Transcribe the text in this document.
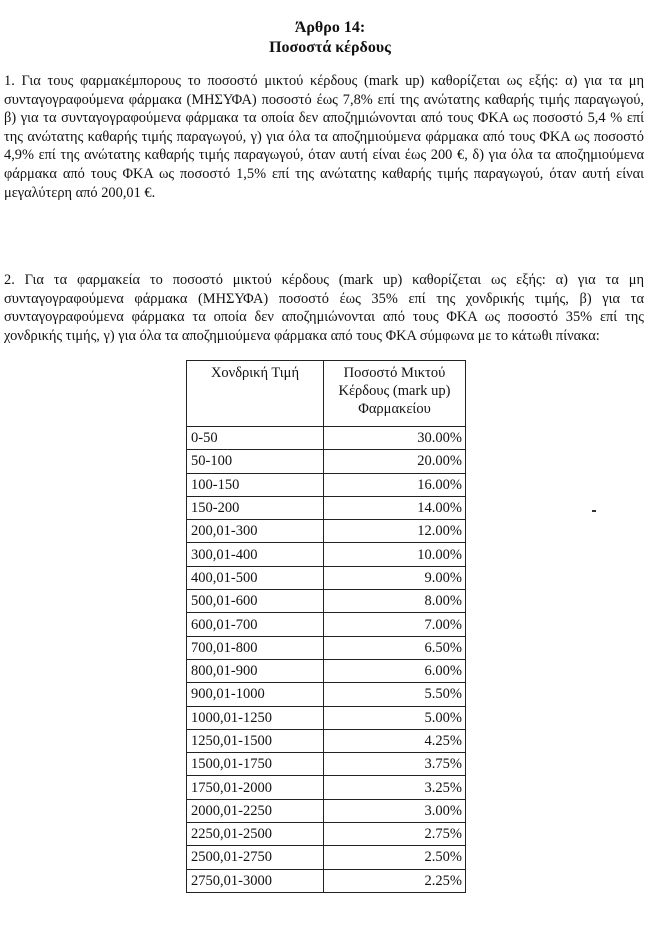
Άρθρο 14:
Ποσοστά κέρδους

1. Για τους φαρμακέμπορους το ποσοστό μικτού κέρδους (mark up) καθορίζεται ως εξής: α) για τα μη συνταγογραφούμενα φάρμακα (ΜΗΣΥΦΑ) ποσοστό έως 7,8% επί της ανώτατης καθαρής τιμής παραγωγού, β) για τα συνταγογραφούμενα φάρμακα τα οποία δεν αποζημιώνονται από τους ΦΚΑ ως ποσοστό 5,4 % επί της ανώτατης καθαρής τιμής παραγωγού, γ) για όλα τα αποζημιούμενα φάρμακα από τους ΦΚΑ ως ποσοστό 4,9% επί της ανώτατης καθαρής τιμής παραγωγού, όταν αυτή είναι έως 200 €, δ) για όλα τα αποζημιούμενα φάρμακα από τους ΦΚΑ ως ποσοστό 1,5% επί της ανώτατης καθαρής τιμής παραγωγού, όταν αυτή είναι μεγαλύτερη από 200,01 €.

2. Για τα φαρμακεία το ποσοστό μικτού κέρδους (mark up) καθορίζεται ως εξής: α) για τα μη συνταγογραφούμενα φάρμακα (ΜΗΣΥΦΑ) ποσοστό έως 35% επί της χονδρικής τιμής, β) για τα συνταγογραφούμενα φάρμακα τα οποία δεν αποζημιώνονται από τους ΦΚΑ ως ποσοστό 35% επί της χονδρικής τιμής, γ) για όλα τα αποζημιούμενα φάρμακα από τους ΦΚΑ σύμφωνα με το κάτωθι πίνακα:

Χονδρική Τιμή	Ποσοστό Μικτού Κέρδους (mark up) Φαρμακείου
0-50	30.00%
50-100	20.00%
100-150	16.00%
150-200	14.00%
200,01-300	12.00%
300,01-400	10.00%
400,01-500	9.00%
500,01-600	8.00%
600,01-700	7.00%
700,01-800	6.50%
800,01-900	6.00%
900,01-1000	5.50%
1000,01-1250	5.00%
1250,01-1500	4.25%
1500,01-1750	3.75%
1750,01-2000	3.25%
2000,01-2250	3.00%
2250,01-2500	2.75%
2500,01-2750	2.50%
2750,01-3000	2.25%
